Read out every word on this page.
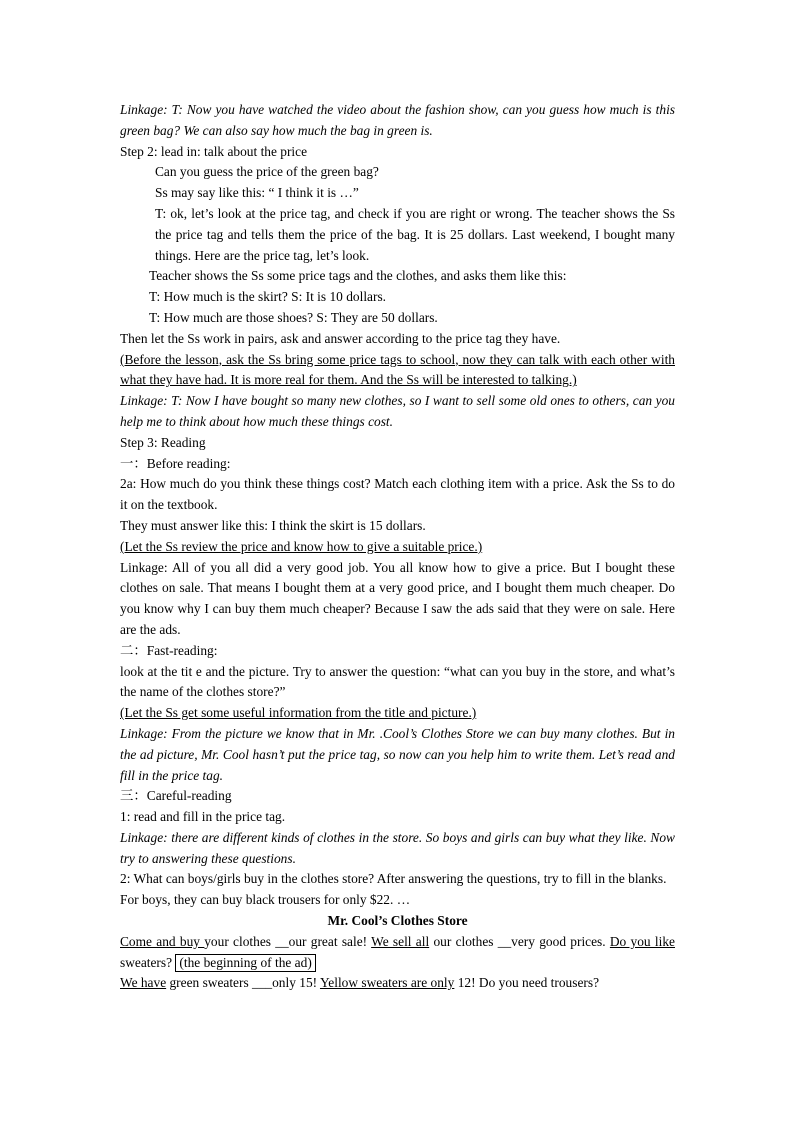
Linkage: T: Now you have watched the video about the fashion show, can you guess how much is this green bag? We can also say how much the bag in green is.

Step 2: lead in: talk about the price

Can you guess the price of the green bag?

Ss may say like this: “ I think it is …”

T: ok, let’s look at the price tag, and check if you are right or wrong. The teacher shows the Ss the price tag and tells them the price of the bag. It is 25 dollars. Last weekend, I bought many things. Here are the price tag, let’s look.

Teacher shows the Ss some price tags and the clothes, and asks them like this:

T: How much is the skirt? S: It is 10 dollars.

T: How much are those shoes? S: They are 50 dollars.

Then let the Ss work in pairs, ask and answer according to the price tag they have.

(Before the lesson, ask the Ss bring some price tags to school, now they can talk with each other with what they have had. It is more real for them. And the Ss will be interested to talking.)

Linkage: T: Now I have bought so many new clothes, so I want to sell some old ones to others, can you help me to think about how much these things cost.

Step 3: Reading

一：Before reading:

2a: How much do you think these things cost? Match each clothing item with a price. Ask the Ss to do it on the textbook.

They must answer like this: I think the skirt is 15 dollars.

(Let the Ss review the price and know how to give a suitable price.)

Linkage: All of you all did a very good job. You all know how to give a price. But I bought these clothes on sale. That means I bought them at a very good price, and I bought them much cheaper. Do you know why I can buy them much cheaper? Because I saw the ads said that they were on sale. Here are the ads.

二：Fast-reading:

look at the tit e and the picture. Try to answer the question: “what can you buy in the store, and what’s the name of the clothes store?”

(Let the Ss get some useful information from the title and picture.)

Linkage: From the picture we know that in Mr. .Cool’s Clothes Store we can buy many clothes. But in the ad picture, Mr. Cool hasn’t put the price tag, so now can you help him to write them. Let’s read and fill in the price tag.

三：Careful-reading

1: read and fill in the price tag.

Linkage: there are different kinds of clothes in the store. So boys and girls can buy what they like. Now try to answering these questions.

2: What can boys/girls buy in the clothes store? After answering the questions, try to fill in the blanks.

For boys, they can buy black trousers for only $22. …

Mr. Cool’s Clothes Store

Come and buy your clothes __our great sale! We sell all our clothes __very good prices. Do you like sweaters? (the beginning of the ad)

We have green sweaters ___only 15! Yellow sweaters are only 12! Do you need trousers?
